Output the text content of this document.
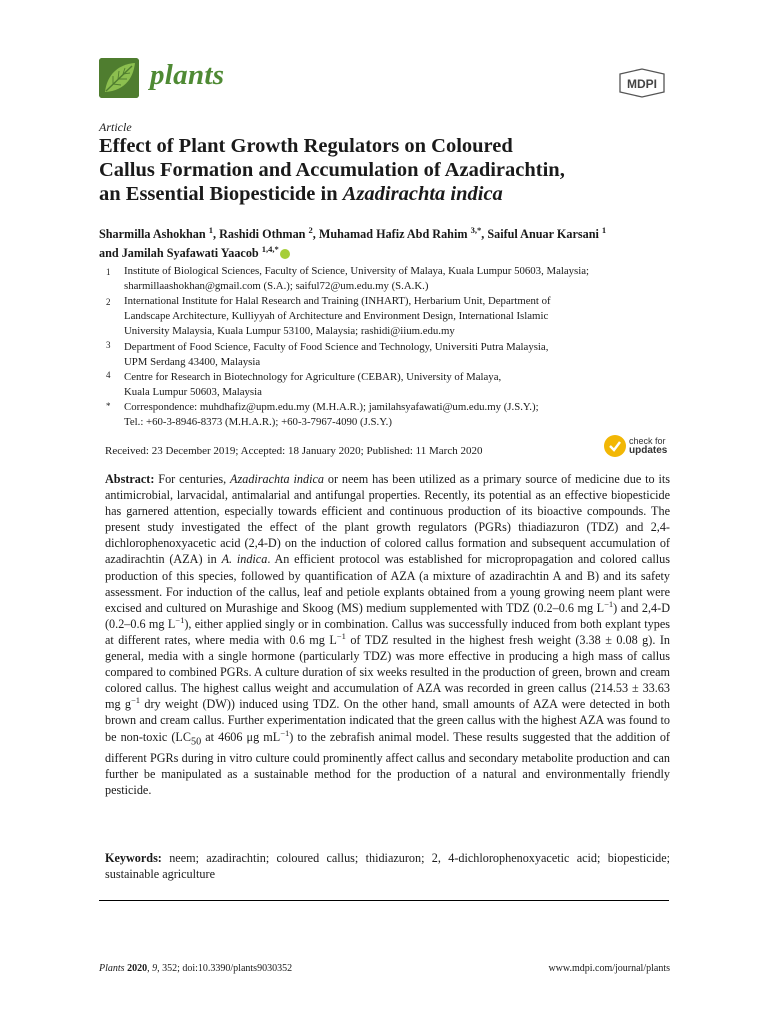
plants	MDPI
Article
Effect of Plant Growth Regulators on Coloured
Callus Formation and Accumulation of Azadirachtin,
an Essential Biopesticide in Azadirachta indica
Sharmilla Ashokhan $^1$, Rashidi Othman $^2$, Muhamad Hafiz Abd Rahim $^{3,*}$, Saiful Anuar Karsani $^1$
and Jamilah Syafawati Yaacob $^{1,4,*}$
1 Institute of Biological Sciences, Faculty of Science, University of Malaya, Kuala Lumpur 50603, Malaysia;
sharmillaashokhan@gmail.com (S.A.); saiful72@um.edu.my (S.A.K.)
2 International Institute for Halal Research and Training (INHART), Herbarium Unit, Department of
Landscape Architecture, Kulliyyah of Architecture and Environment Design, International Islamic
University Malaysia, Kuala Lumpur 53100, Malaysia; rashidi@iium.edu.my
3 Department of Food Science, Faculty of Food Science and Technology, Universiti Putra Malaysia,
UPM Serdang 43400, Malaysia
4 Centre for Research in Biotechnology for Agriculture (CEBAR), University of Malaya,
Kuala Lumpur 50603, Malaysia
* Correspondence: muhdhafiz@upm.edu.my (M.H.A.R.); jamilahsyafawati@um.edu.my (J.S.Y.);
Tel.: +60-3-8946-8373 (M.H.A.R.); +60-3-7967-4090 (J.S.Y.)
Received: 23 December 2019; Accepted: 18 January 2020; Published: 11 March 2020
check for
updates
Abstract: For centuries, Azadirachta indica or neem has been utilized as a primary source of medicine due to its antimicrobial, larvacidal, antimalarial and antifungal properties. Recently, its potential as an effective biopesticide has garnered attention, especially towards efficient and continuous production of its bioactive compounds. The present study investigated the effect of the plant growth regulators (PGRs) thiadiazuron (TDZ) and 2,4-dichlorophenoxyacetic acid (2,4-D) on the induction of colored callus formation and subsequent accumulation of azadirachtin (AZA) in A. indica. An efficient protocol was established for micropropagation and colored callus production of this species, followed by quantification of AZA (a mixture of azadirachtin A and B) and its safety assessment. For induction of the callus, leaf and petiole explants obtained from a young growing neem plant were excised and cultured on Murashige and Skoog (MS) medium supplemented with TDZ (0.2–0.6 mg $L^{-1}$) and 2,4-D (0.2–0.6 mg $L^{-1}$), either applied singly or in combination. Callus was successfully induced from both explant types at different rates, where media with 0.6 mg $L^{-1}$ of TDZ resulted in the highest fresh weight (3.38 ± 0.08 g). In general, media with a single hormone (particularly TDZ) was more effective in producing a high mass of callus compared to combined PGRs. A culture duration of six weeks resulted in the production of green, brown and cream colored callus. The highest callus weight and accumulation of AZA was recorded in green callus (214.53 ± 33.63 mg $g^{-1}$ dry weight (DW)) induced using TDZ. On the other hand, small amounts of AZA were detected in both brown and cream callus. Further experimentation indicated that the green callus with the highest AZA was found to be non-toxic ($LC_{50}$ at 4606 μg $mL^{-1}$) to the zebrafish animal model. These results suggested that the addition of different PGRs during in vitro culture could prominently affect callus and secondary metabolite production and can further be manipulated as a sustainable method for the production of a natural and environmentally friendly pesticide.
Keywords: neem; azadirachtin; coloured callus; thidiazuron; 2, 4-dichlorophenoxyacetic acid; biopesticide; sustainable agriculture
Plants 2020, 9, 352; doi:10.3390/plants9030352	www.mdpi.com/journal/plants
